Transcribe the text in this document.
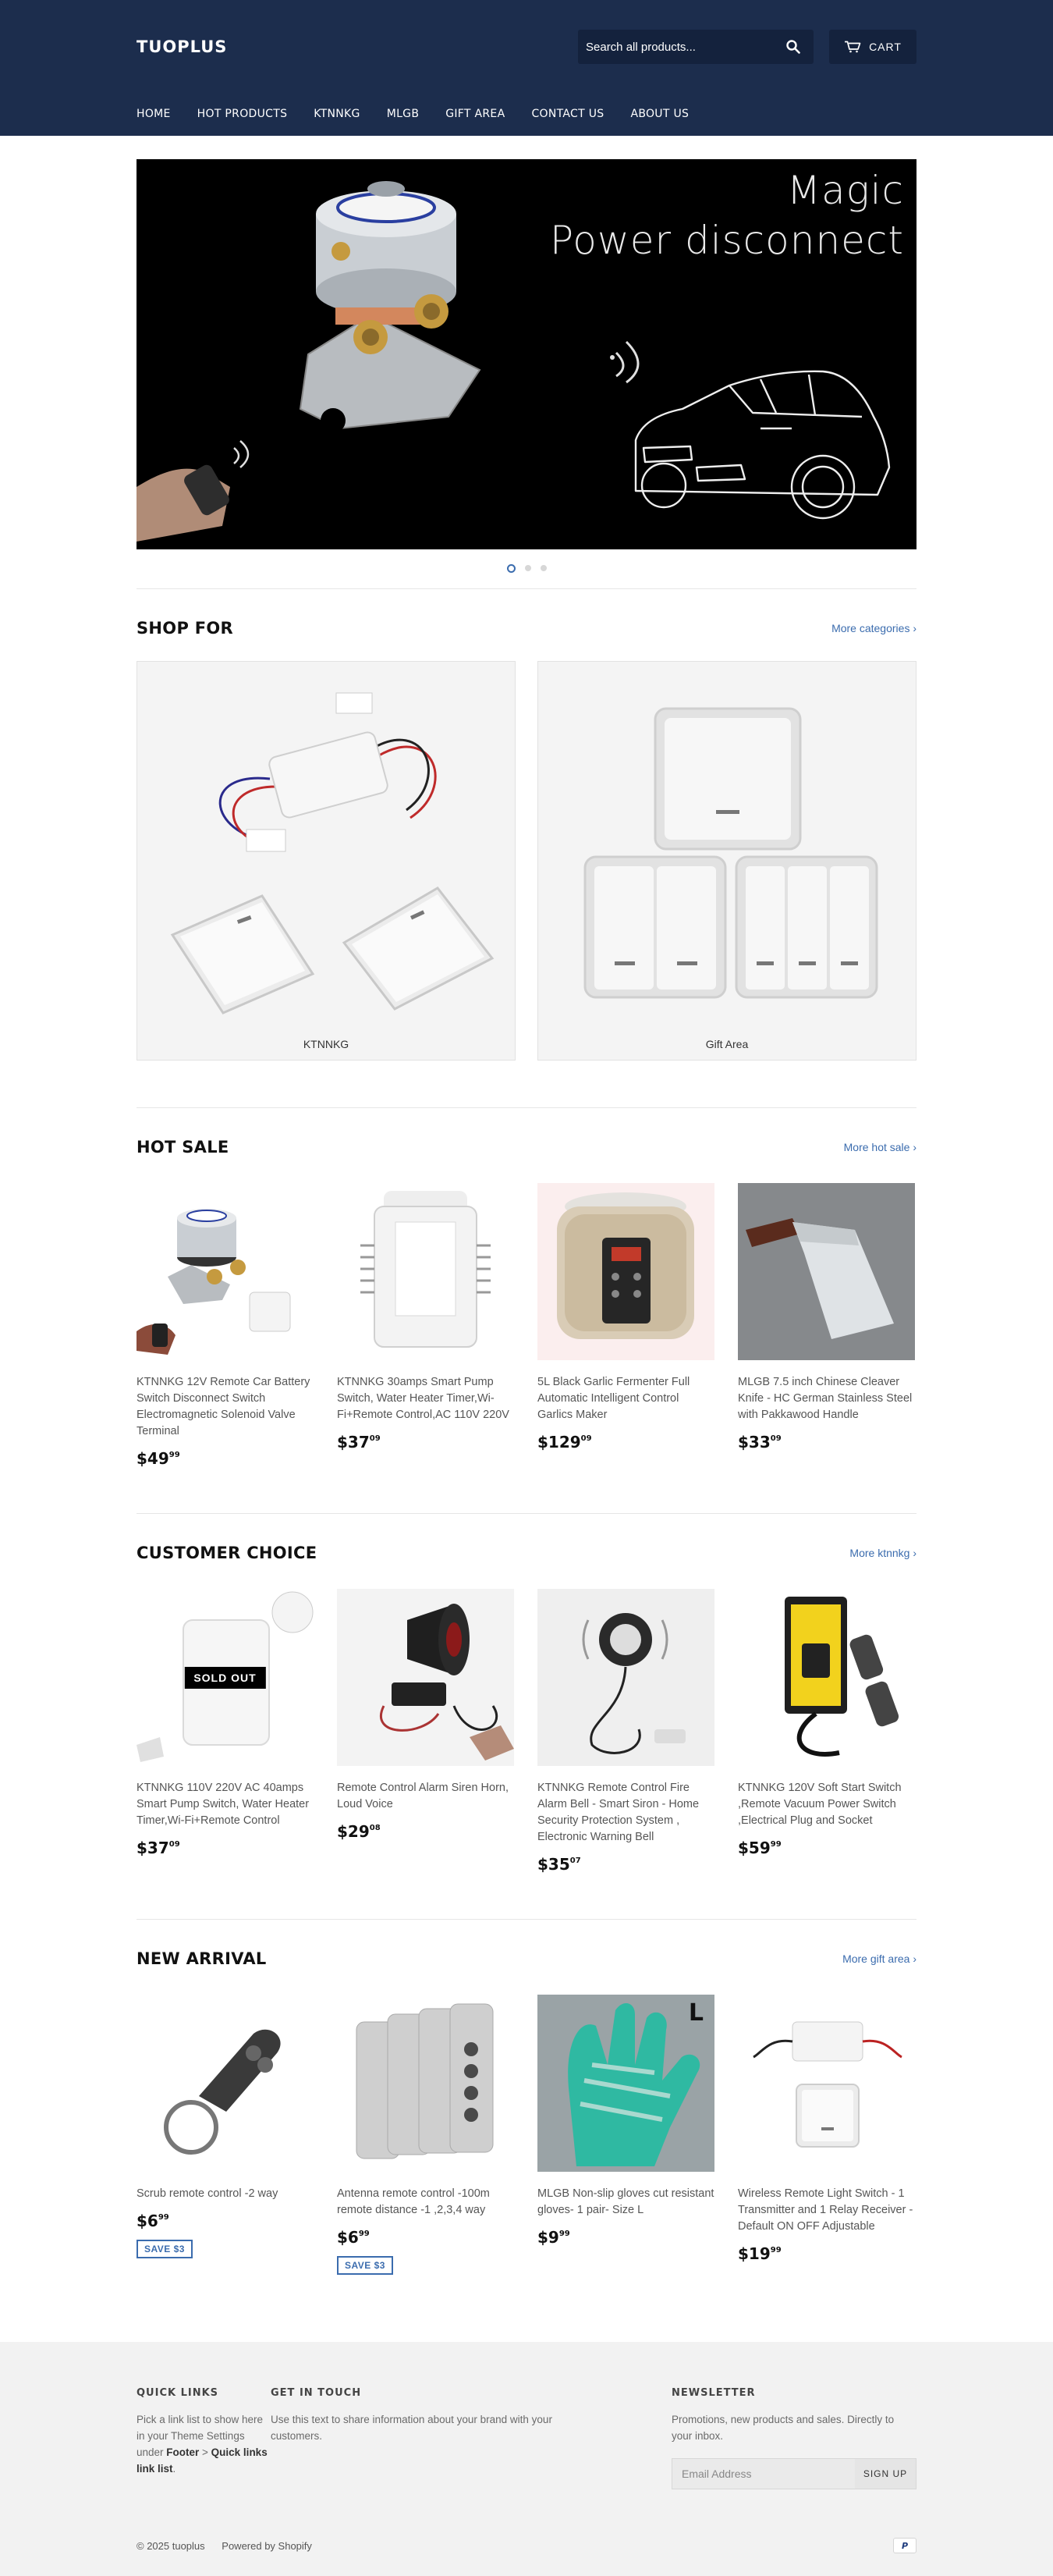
TUOPLUS
Search all products...	CART
HOME HOT PRODUCTS KTNNKG MLGB GIFT AREA CONTACT US ABOUT US
Magic
Power disconnect
SHOP FOR	More categories ›
KTNNKG	Gift Area
HOT SALE	More hot sale ›
KTNNKG 12V Remote Car Battery Switch Disconnect Switch Electromagnetic Solenoid Valve Terminal
$\$49^{99}$
KTNNKG 30amps Smart Pump Switch, Water Heater Timer,Wi-Fi+Remote Control,AC 110V 220V
$\$37^{09}$
5L Black Garlic Fermenter Full Automatic Intelligent Control Garlics Maker
$\$129^{09}$
MLGB 7.5 inch Chinese Cleaver Knife - HC German Stainless Steel with Pakkawood Handle
$\$33^{09}$
CUSTOMER CHOICE	More ktnnkg ›
SOLD OUT
KTNNKG 110V 220V AC 40amps Smart Pump Switch, Water Heater Timer,Wi-Fi+Remote Control
$\$37^{09}$
Remote Control Alarm Siren Horn, Loud Voice
$\$29^{08}$
KTNNKG Remote Control Fire Alarm Bell - Smart Siron - Home Security Protection System , Electronic Warning Bell
$\$35^{07}$
KTNNKG 120V Soft Start Switch ,Remote Vacuum Power Switch ,Electrical Plug and Socket
$\$59^{99}$
NEW ARRIVAL	More gift area ›
Scrub remote control -2 way
$\$6^{99}$
SAVE $3
Antenna remote control -100m remote distance -1 ,2,3,4 way
$\$6^{99}$
SAVE $3
L
MLGB Non-slip gloves cut resistant gloves- 1 pair- Size L
$\$9^{99}$
Wireless Remote Light Switch - 1 Transmitter and 1 Relay Receiver - Default ON OFF Adjustable
$\$19^{99}$
QUICK LINKS

Pick a link list to show here in your Theme Settings under Footer > Quick links link list.

GET IN TOUCH

Use this text to share information about your brand with your customers.

NEWSLETTER

Promotions, new products and sales. Directly to your inbox.

Email Address
SIGN UP
© 2025 tuoplus Powered by Shopify	P
